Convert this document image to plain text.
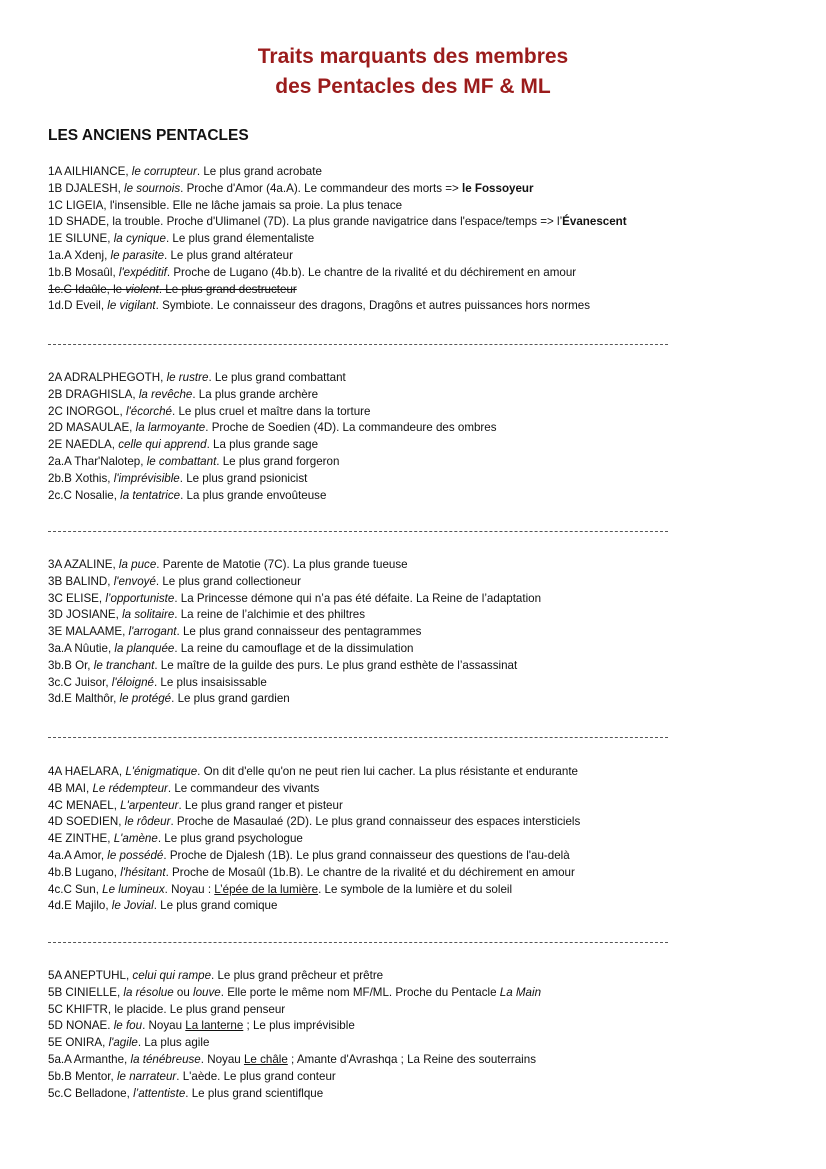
Traits marquants des membres
des Pentacles des MF & ML
LES ANCIENS PENTACLES
1A AILHIANCE, le corrupteur. Le plus grand acrobate
1B DJALESH, le sournois. Proche d'Amor (4a.A). Le commandeur des morts => le Fossoyeur
1C LIGEIA, l'insensible. Elle ne lâche jamais sa proie. La plus tenace
1D SHADE, la trouble. Proche d'Ulimanel (7D). La plus grande navigatrice dans l'espace/temps => l’Évanescent
1E SILUNE, la cynique. Le plus grand élementaliste
1a.A Xdenj, le parasite. Le plus grand altérateur
1b.B Mosaûl, l'expéditif. Proche de Lugano (4b.b). Le chantre de la rivalité et du déchirement en amour
1c.C Idaûle, le violent. Le plus grand destructeur
1d.D Eveil, le vigilant. Symbiote. Le connaisseur des dragons, Dragôns et autres puissances hors normes
2A ADRALPHEGOTH, le rustre. Le plus grand combattant
2B DRAGHISLA, la revêche. La plus grande archère
2C INORGOL, l'écorché. Le plus cruel et maître dans la torture
2D MASAULAE, la larmoyante. Proche de Soedien (4D). La commandeure des ombres
2E NAEDLA, celle qui apprend. La plus grande sage
2a.A Thar'Nalotep, le combattant. Le plus grand forgeron
2b.B Xothis, l'imprévisible. Le plus grand psionicist
2c.C Nosalie, la tentatrice. La plus grande envoûteuse
3A AZALINE, la puce. Parente de Matotie (7C). La plus grande tueuse
3B BALIND, l'envoyé. Le plus grand collectioneur
3C ELISE, l’opportuniste. La Princesse démone qui n’a pas été défaite. La Reine de l’adaptation
3D JOSIANE, la solitaire. La reine de l’alchimie et des philtres
3E MALAAME, l'arrogant. Le plus grand connaisseur des pentagrammes
3a.A Nûutie, la planquée. La reine du camouflage et de la dissimulation
3b.B Or, le tranchant. Le maître de la guilde des purs. Le plus grand esthète de l’assassinat
3c.C Juisor, l'éloigné. Le plus insaisissable
3d.E Malthôr, le protégé. Le plus grand gardien
4A HAELARA, L'énigmatique. On dit d'elle qu'on ne peut rien lui cacher. La plus résistante et endurante
4B MAI, Le rédempteur. Le commandeur des vivants
4C MENAEL, L'arpenteur. Le plus grand ranger et pisteur
4D SOEDIEN, le rôdeur. Proche de Masaulaé (2D). Le plus grand connaisseur des espaces intersticiels
4E ZINTHE, L'amène. Le plus grand psychologue
4a.A Amor, le possédé. Proche de Djalesh (1B). Le plus grand connaisseur des questions de l'au-delà
4b.B Lugano, l'hésitant. Proche de Mosaûl (1b.B). Le chantre de la rivalité et du déchirement en amour
4c.C Sun, Le lumineux. Noyau : L’épée de la lumière. Le symbole de la lumière et du soleil
4d.E Majilo, le Jovial. Le plus grand comique
5A ANEPTUHL, celui qui rampe. Le plus grand prêcheur et prêtre
5B CINIELLE, la résolue ou louve. Elle porte le même nom MF/ML. Proche du Pentacle La Main
5C KHIFTR, le placide. Le plus grand penseur
5D NONAE. le fou. Noyau La lanterne ; Le plus imprévisible
5E ONIRA, l'agile. La plus agile
5a.A Armanthe, la ténébreuse. Noyau Le châle ; Amante d'Avrashqa ; La Reine des souterrains
5b.B Mentor, le narrateur. L'aède. Le plus grand conteur
5c.C Belladone, l’attentiste. Le plus grand scientiflque
